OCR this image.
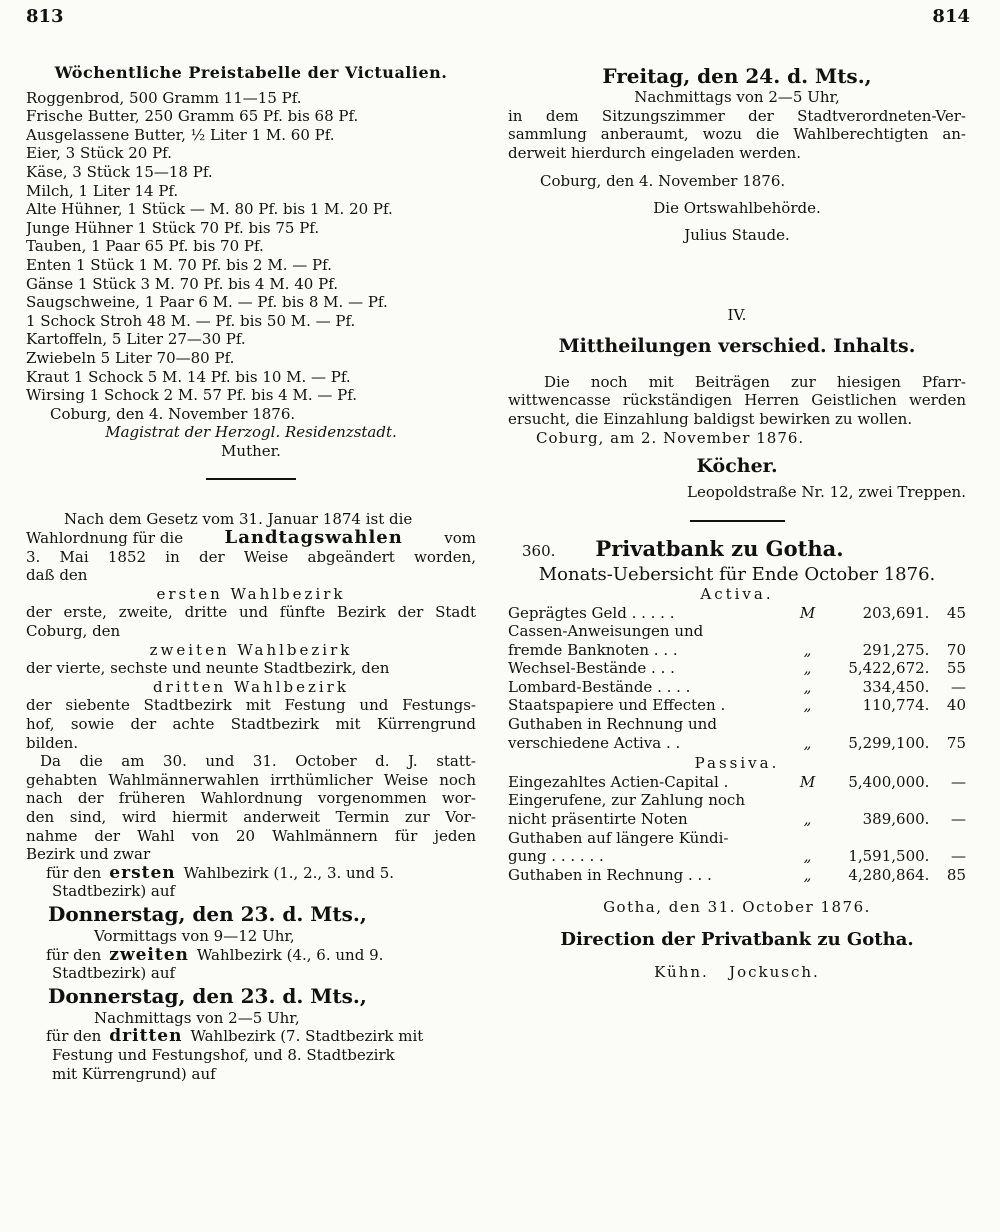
813	814
Wöchentliche Preistabelle der Victualien.
Roggenbrod, 500 Gramm 11—15 Pf.
Frische Butter, 250 Gramm 65 Pf. bis 68 Pf.
Ausgelassene Butter, ½ Liter 1 M. 60 Pf.
Eier, 3 Stück 20 Pf.
Käse, 3 Stück 15—18 Pf.
Milch, 1 Liter 14 Pf.
Alte Hühner, 1 Stück — M. 80 Pf. bis 1 M. 20 Pf.
Junge Hühner 1 Stück 70 Pf. bis 75 Pf.
Tauben, 1 Paar 65 Pf. bis 70 Pf.
Enten 1 Stück 1 M. 70 Pf. bis 2 M. — Pf.
Gänse 1 Stück 3 M. 70 Pf. bis 4 M. 40 Pf.
Saugschweine, 1 Paar 6 M. — Pf. bis 8 M. — Pf.
1 Schock Stroh 48 M. — Pf. bis 50 M. — Pf.
Kartoffeln, 5 Liter 27—30 Pf.
Zwiebeln 5 Liter 70—80 Pf.
Kraut 1 Schock 5 M. 14 Pf. bis 10 M. — Pf.
Wirsing 1 Schock 2 M. 57 Pf. bis 4 M. — Pf.
Coburg, den 4. November 1876.
Magistrat der Herzogl. Residenzstadt.
Muther.
Nach dem Gesetz vom 31. Januar 1874 ist die
Wahlordnung für die Landtagswahlen	vom
3. Mai 1852 in der Weise abgeändert worden,
daß den
ersten Wahlbezirk
der erste, zweite, dritte und fünfte Bezirk der Stadt
Coburg, den
zweiten Wahlbezirk
der vierte, sechste und neunte Stadtbezirk, den
dritten Wahlbezirk
der siebente Stadtbezirk mit Festung und Festungs-
hof, sowie der achte Stadtbezirk mit Kürrengrund
bilden.
Da die am 30. und 31. October d. J. statt-
gehabten Wahlmännerwahlen irrthümlicher Weise noch
nach der früheren Wahlordnung vorgenommen wor-
den sind, wird hiermit anderweit Termin zur Vor-
nahme der Wahl von 20 Wahlmännern für jeden
Bezirk und zwar
für den ersten Wahlbezirk (1., 2., 3. und 5.
Stadtbezirk) auf
Donnerstag, den 23. d. Mts.,
Vormittags von 9—12 Uhr,
für den zweiten Wahlbezirk (4., 6. und 9.
Stadtbezirk) auf
Donnerstag, den 23. d. Mts.,
Nachmittags von 2—5 Uhr,
für den dritten Wahlbezirk (7. Stadtbezirk mit
Festung und Festungshof, und 8. Stadtbezirk
mit Kürrengrund) auf
Freitag, den 24. d. Mts.,
Nachmittags von 2—5 Uhr,
in dem Sitzungszimmer der Stadtverordneten-Ver-
sammlung anberaumt, wozu die Wahlberechtigten an-
derweit hierdurch eingeladen werden.
Coburg, den 4. November 1876.
Die Ortswahlbehörde.
Julius Staude.
IV.
Mittheilungen verschied. Inhalts.
Die noch mit Beiträgen zur hiesigen Pfarr-
wittwencasse rückständigen Herren Geistlichen werden
ersucht, die Einzahlung baldigst bewirken zu wollen.
Coburg, am 2. November 1876.
Köcher.
Leopoldstraße Nr. 12, zwei Treppen.
360. Privatbank zu Gotha.
Monats-Uebersicht für Ende October 1876.
Activa.
Geprägtes Geld . . . . .	M	203,691.	45
Cassen-Anweisungen und			
fremde Banknoten . . .	„	291,275.	70
Wechsel-Bestände . . .	„	5,422,672.	55
Lombard-Bestände . . . .	„	334,450.	—
Staatspapiere und Effecten .	„	110,774.	40
Guthaben in Rechnung und			
verschiedene Activa . .	„	5,299,100.	75
Passiva.
Eingezahltes Actien-Capital .	M	5,400,000.	—
Eingerufene, zur Zahlung noch			
nicht präsentirte Noten	„	389,600.	—
Guthaben auf längere Kündi-			
gung . . . . . .	„	1,591,500.	—
Guthaben in Rechnung . . .	„	4,280,864.	85
Gotha, den 31. October 1876.
Direction der Privatbank zu Gotha.
Kühn.   Jockusch.
